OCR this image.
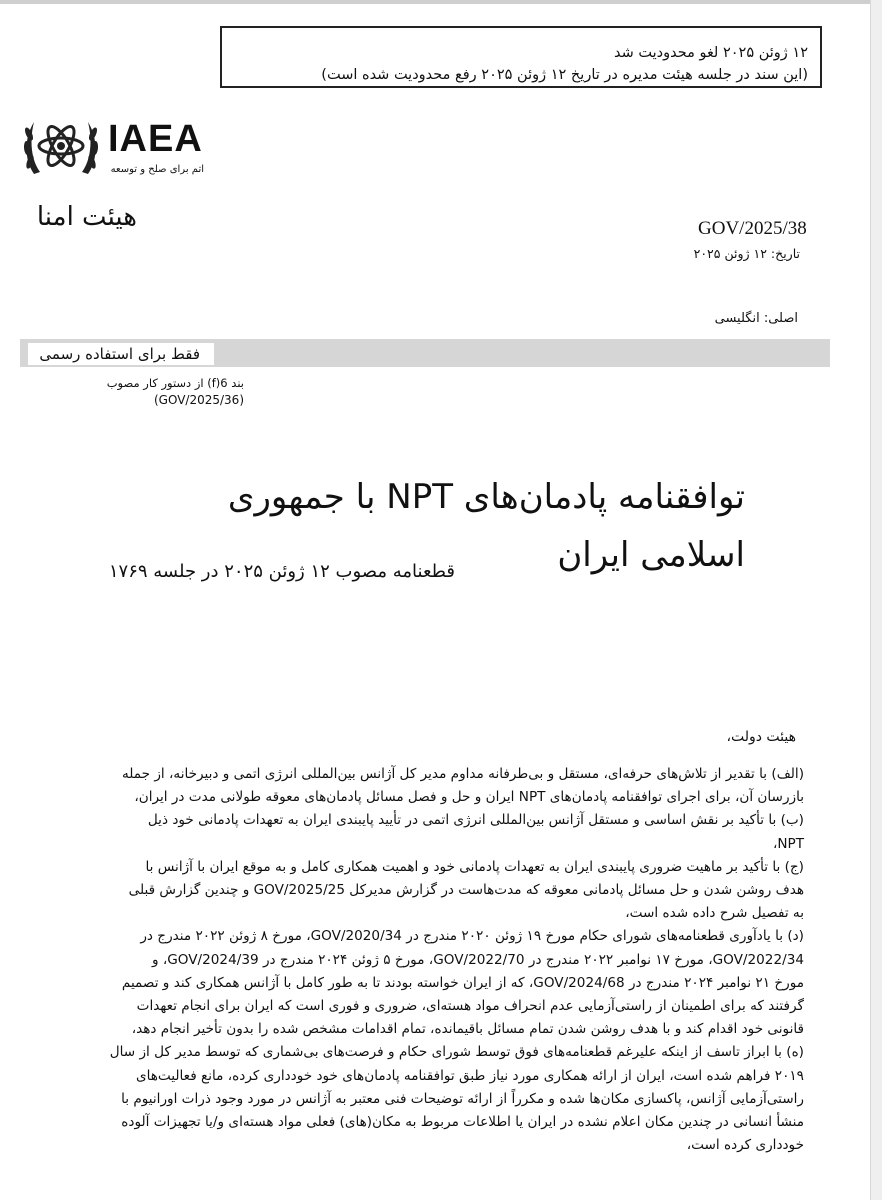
۱۲ ژوئن ۲۰۲۵ لغو محدودیت شد
(این سند در جلسه هیئت مدیره در تاریخ ۱۲ ژوئن ۲۰۲۵ رفع محدودیت شده است)
IAEA
اتم برای صلح و توسعه
هیئت امنا	GOV/2025/38
تاریخ: ۱۲ ژوئن ۲۰۲۵
اصلی: انگلیسی
فقط برای استفاده رسمی
بند 6(f) از دستور کار مصوب
(GOV/2025/36)
توافقنامه پادمان‌های NPT با جمهوری اسلامی ایران
قطعنامه مصوب ۱۲ ژوئن ۲۰۲۵ در جلسه ۱۷۶۹
هیئت دولت،
(الف) با تقدیر از تلاش‌های حرفه‌ای، مستقل و بی‌طرفانه مداوم مدیر کل آژانس بین‌المللی انرژی اتمی و دبیرخانه، از جمله
بازرسان آن، برای اجرای توافقنامه پادمان‌های NPT ایران و حل و فصل مسائل پادمان‌های معوقه طولانی مدت در ایران،
(ب) با تأکید بر نقش اساسی و مستقل آژانس بین‌المللی انرژی اتمی در تأیید پایبندی ایران به تعهدات پادمانی خود ذیل
NPT،
(ج) با تأکید بر ماهیت ضروری پایبندی ایران به تعهدات پادمانی خود و اهمیت همکاری کامل و به موقع ایران با آژانس با
هدف روشن شدن و حل مسائل پادمانی معوقه که مدت‌هاست در گزارش مدیرکل GOV/2025/25 و چندین گزارش قبلی
به تفصیل شرح داده شده است،
(د) با یادآوری قطعنامه‌های شورای حکام مورخ ۱۹ ژوئن ۲۰۲۰ مندرج در GOV/2020/34، مورخ ۸ ژوئن ۲۰۲۲ مندرج در
GOV/2022/34، مورخ ۱۷ نوامبر ۲۰۲۲ مندرج در GOV/2022/70، مورخ ۵ ژوئن ۲۰۲۴ مندرج در GOV/2024/39، و
مورخ ۲۱ نوامبر ۲۰۲۴ مندرج در GOV/2024/68، که از ایران خواسته بودند تا به طور کامل با آژانس همکاری کند و تصمیم
گرفتند که برای اطمینان از راستی‌آزمایی عدم انحراف مواد هسته‌ای، ضروری و فوری است که ایران برای انجام تعهدات
قانونی خود اقدام کند و با هدف روشن شدن تمام مسائل باقیمانده، تمام اقدامات مشخص شده را بدون تأخیر انجام دهد،
(ه) با ابراز تاسف از اینکه علیرغم قطعنامه‌های فوق توسط شورای حکام و فرصت‌های بی‌شماری که توسط مدیر کل از سال
۲۰۱۹ فراهم شده است، ایران از ارائه همکاری مورد نیاز طبق توافقنامه پادمان‌های خود خودداری کرده، مانع فعالیت‌های
راستی‌آزمایی آژانس، پاکسازی مکان‌ها شده و مکرراً از ارائه توضیحات فنی معتبر به آژانس در مورد وجود ذرات اورانیوم با
منشأ انسانی در چندین مکان اعلام نشده در ایران یا اطلاعات مربوط به مکان(های) فعلی مواد هسته‌ای و/یا تجهیزات آلوده
خودداری کرده است،
